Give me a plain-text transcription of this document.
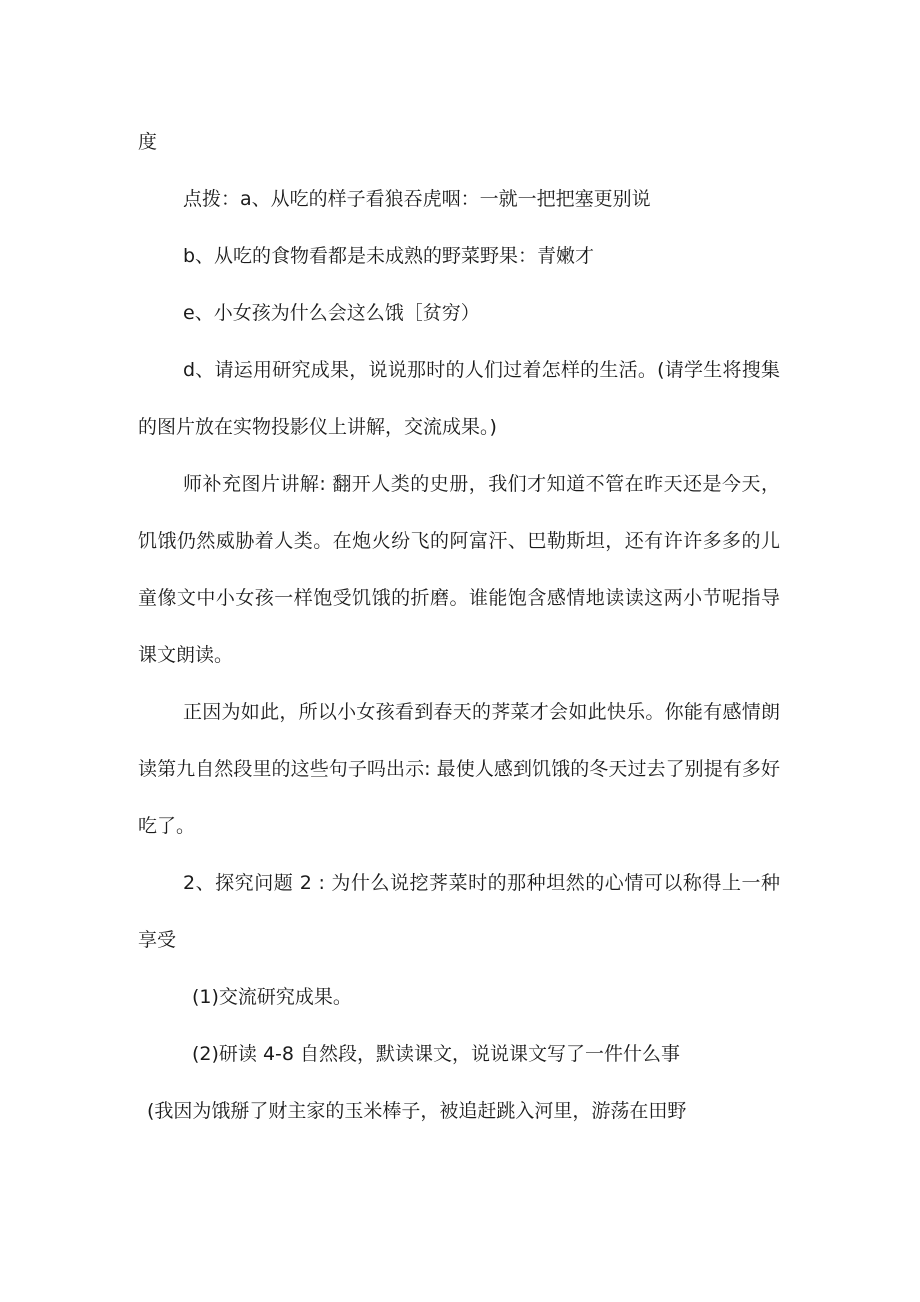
度

点拨：a、从吃的样子看狼吞虎咽：一就一把把塞更别说

b、从吃的食物看都是未成熟的野菜野果：青嫩才

e、小女孩为什么会这么饿［贫穷）

d、请运用研究成果，说说那时的人们过着怎样的生活。(请学生将搜集的图片放在实物投影仪上讲解，交流成果。)

师补充图片讲解: 翻开人类的史册，我们才知道不管在昨天还是今天，饥饿仍然威胁着人类。在炮火纷飞的阿富汗、巴勒斯坦，还有许许多多的儿童像文中小女孩一样饱受饥饿的折磨。谁能饱含感情地读读这两小节呢指导课文朗读。

正因为如此，所以小女孩看到春天的荠菜才会如此快乐。你能有感情朗读第九自然段里的这些句子吗出示: 最使人感到饥饿的冬天过去了别提有多好吃了。

2、探究问题 2 : 为什么说挖荠菜时的那种坦然的心情可以称得上一种享受

(1)交流研究成果。

(2)研读 4-8 自然段，默读课文，说说课文写了一件什么事

(我因为饿掰了财主家的玉米棒子，被追赶跳入河里，游荡在田野
